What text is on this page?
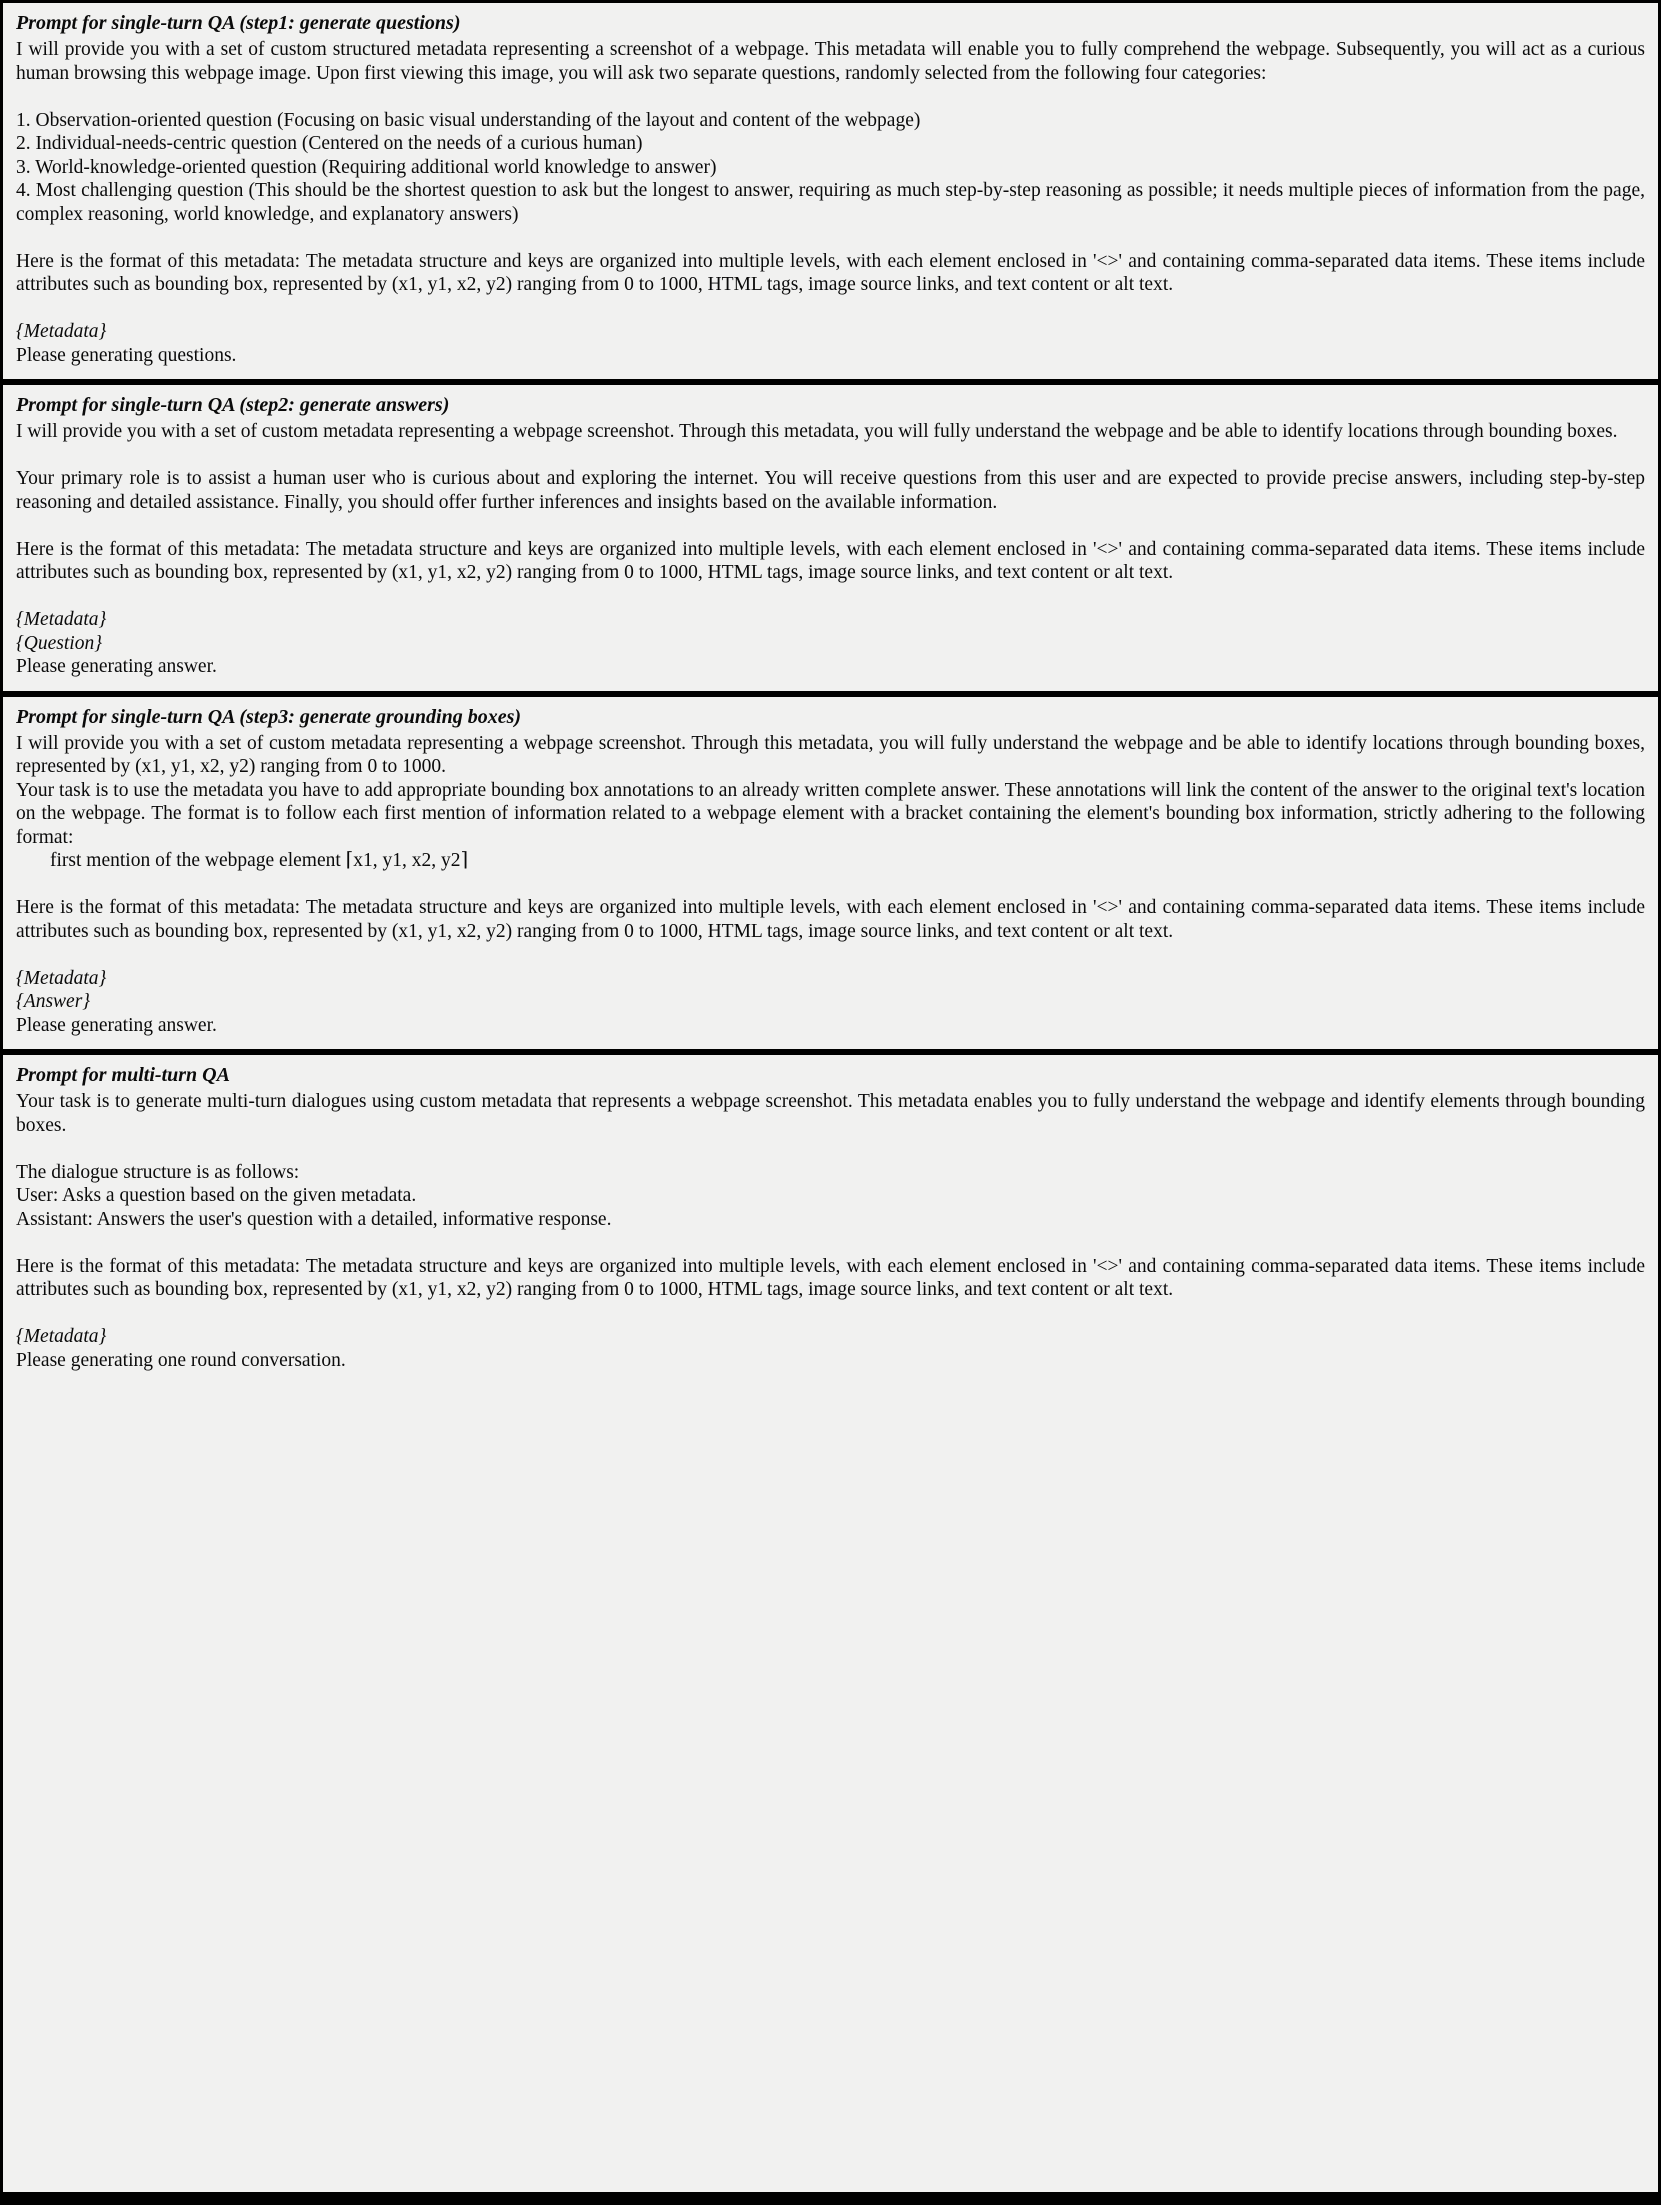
Prompt for single-turn QA (step1: generate questions)
I will provide you with a set of custom structured metadata representing a screenshot of a webpage. This metadata will enable you to fully comprehend the webpage. Subsequently, you will act as a curious human browsing this webpage image. Upon first viewing this image, you will ask two separate questions, randomly selected from the following four categories:
1. Observation-oriented question (Focusing on basic visual understanding of the layout and content of the webpage)
2. Individual-needs-centric question (Centered on the needs of a curious human)
3. World-knowledge-oriented question (Requiring additional world knowledge to answer)
4. Most challenging question (This should be the shortest question to ask but the longest to answer, requiring as much step-by-step reasoning as possible; it needs multiple pieces of information from the page, complex reasoning, world knowledge, and explanatory answers)
Here is the format of this metadata: The metadata structure and keys are organized into multiple levels, with each element enclosed in '<>' and containing comma-separated data items. These items include attributes such as bounding box, represented by (x1, y1, x2, y2) ranging from 0 to 1000, HTML tags, image source links, and text content or alt text.
{Metadata}
Please generating questions.
Prompt for single-turn QA (step2: generate answers)
I will provide you with a set of custom metadata representing a webpage screenshot. Through this metadata, you will fully understand the webpage and be able to identify locations through bounding boxes.
Your primary role is to assist a human user who is curious about and exploring the internet. You will receive questions from this user and are expected to provide precise answers, including step-by-step reasoning and detailed assistance. Finally, you should offer further inferences and insights based on the available information.
Here is the format of this metadata: The metadata structure and keys are organized into multiple levels, with each element enclosed in '<>' and containing comma-separated data items. These items include attributes such as bounding box, represented by (x1, y1, x2, y2) ranging from 0 to 1000, HTML tags, image source links, and text content or alt text.
{Metadata}
{Question}
Please generating answer.
Prompt for single-turn QA (step3: generate grounding boxes)
I will provide you with a set of custom metadata representing a webpage screenshot. Through this metadata, you will fully understand the webpage and be able to identify locations through bounding boxes, represented by (x1, y1, x2, y2) ranging from 0 to 1000.
Your task is to use the metadata you have to add appropriate bounding box annotations to an already written complete answer. These annotations will link the content of the answer to the original text's location on the webpage. The format is to follow each first mention of information related to a webpage element with a bracket containing the element's bounding box information, strictly adhering to the following format:
first mention of the webpage element ⌈x1, y1, x2, y2⌉
Here is the format of this metadata: The metadata structure and keys are organized into multiple levels, with each element enclosed in '<>' and containing comma-separated data items. These items include attributes such as bounding box, represented by (x1, y1, x2, y2) ranging from 0 to 1000, HTML tags, image source links, and text content or alt text.
{Metadata}
{Answer}
Please generating answer.
Prompt for multi-turn QA
Your task is to generate multi-turn dialogues using custom metadata that represents a webpage screenshot. This metadata enables you to fully understand the webpage and identify elements through bounding boxes.
The dialogue structure is as follows:
User: Asks a question based on the given metadata.
Assistant: Answers the user's question with a detailed, informative response.
Here is the format of this metadata: The metadata structure and keys are organized into multiple levels, with each element enclosed in '<>' and containing comma-separated data items. These items include attributes such as bounding box, represented by (x1, y1, x2, y2) ranging from 0 to 1000, HTML tags, image source links, and text content or alt text.
{Metadata}
Please generating one round conversation.
